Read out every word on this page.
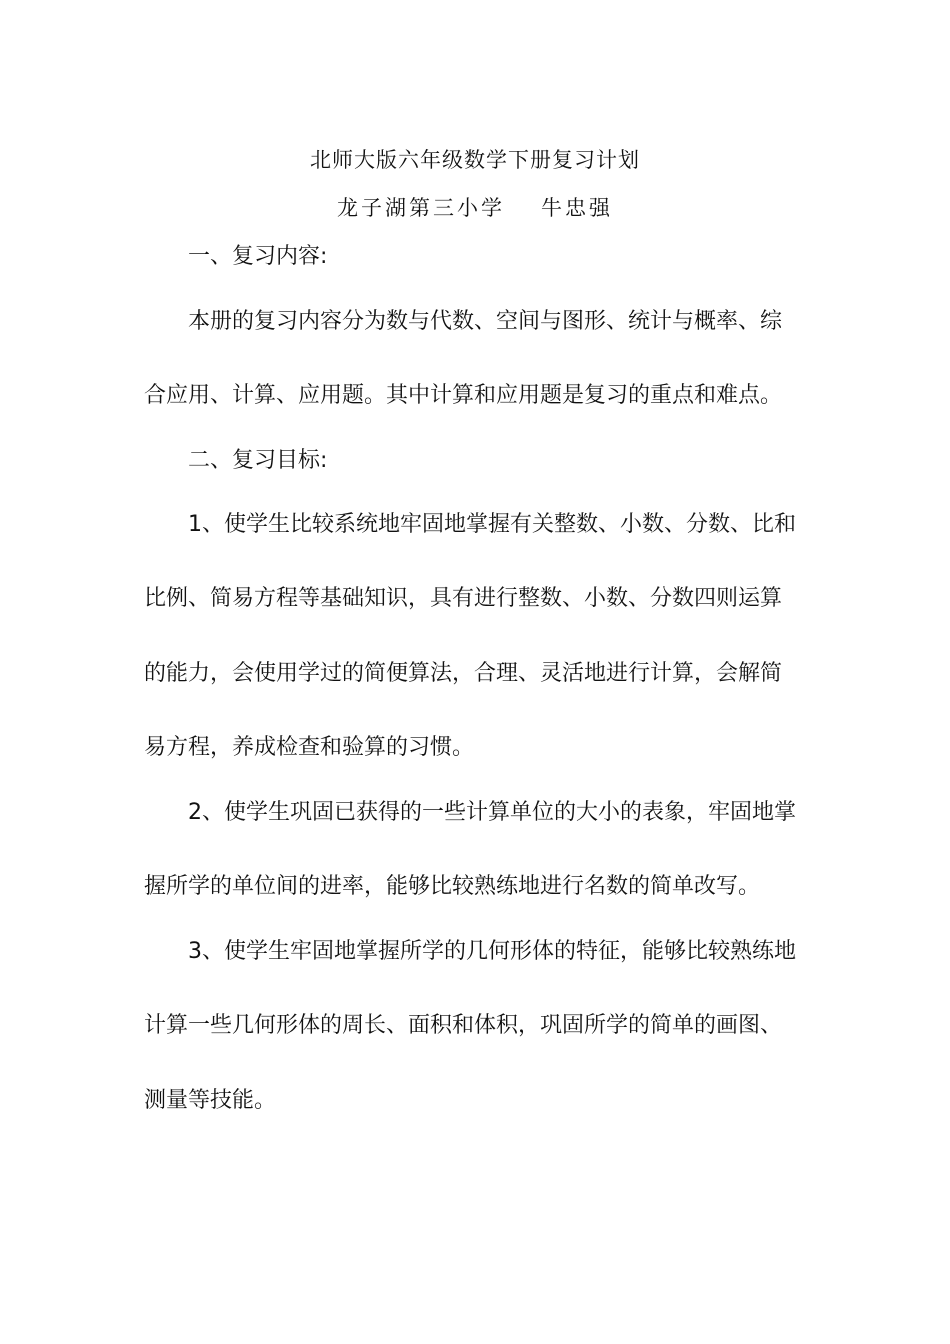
北师大版六年级数学下册复习计划
龙子湖第三小学 牛忠强
一、复习内容:
本册的复习内容分为数与代数、空间与图形、统计与概率、综
合应用、计算、应用题。其中计算和应用题是复习的重点和难点。
二、复习目标:
1、使学生比较系统地牢固地掌握有关整数、小数、分数、比和
比例、简易方程等基础知识，具有进行整数、小数、分数四则运算
的能力，会使用学过的简便算法，合理、灵活地进行计算，会解简
易方程，养成检查和验算的习惯。
2、使学生巩固已获得的一些计算单位的大小的表象，牢固地掌
握所学的单位间的进率，能够比较熟练地进行名数的简单改写。
3、使学生牢固地掌握所学的几何形体的特征，能够比较熟练地
计算一些几何形体的周长、面积和体积，巩固所学的简单的画图、
测量等技能。
